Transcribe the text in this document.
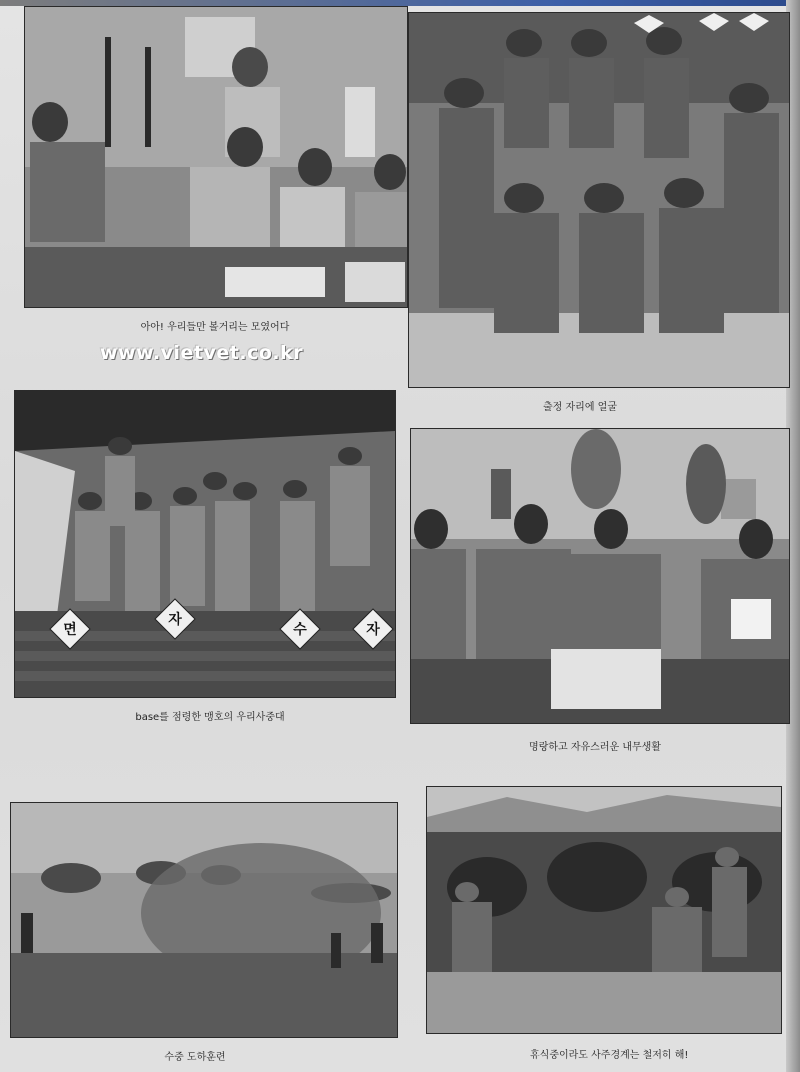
아아! 우리들만 볼거리는 모였어다
www.vietvet.co.kr
출정 자리에 얼굴
면
자
수	자
base를 점령한 맹호의 우리사중대
명랑하고 자유스러운 내무생활
수중 도하훈련	휴식중이라도 사주경계는 철저히 해!
